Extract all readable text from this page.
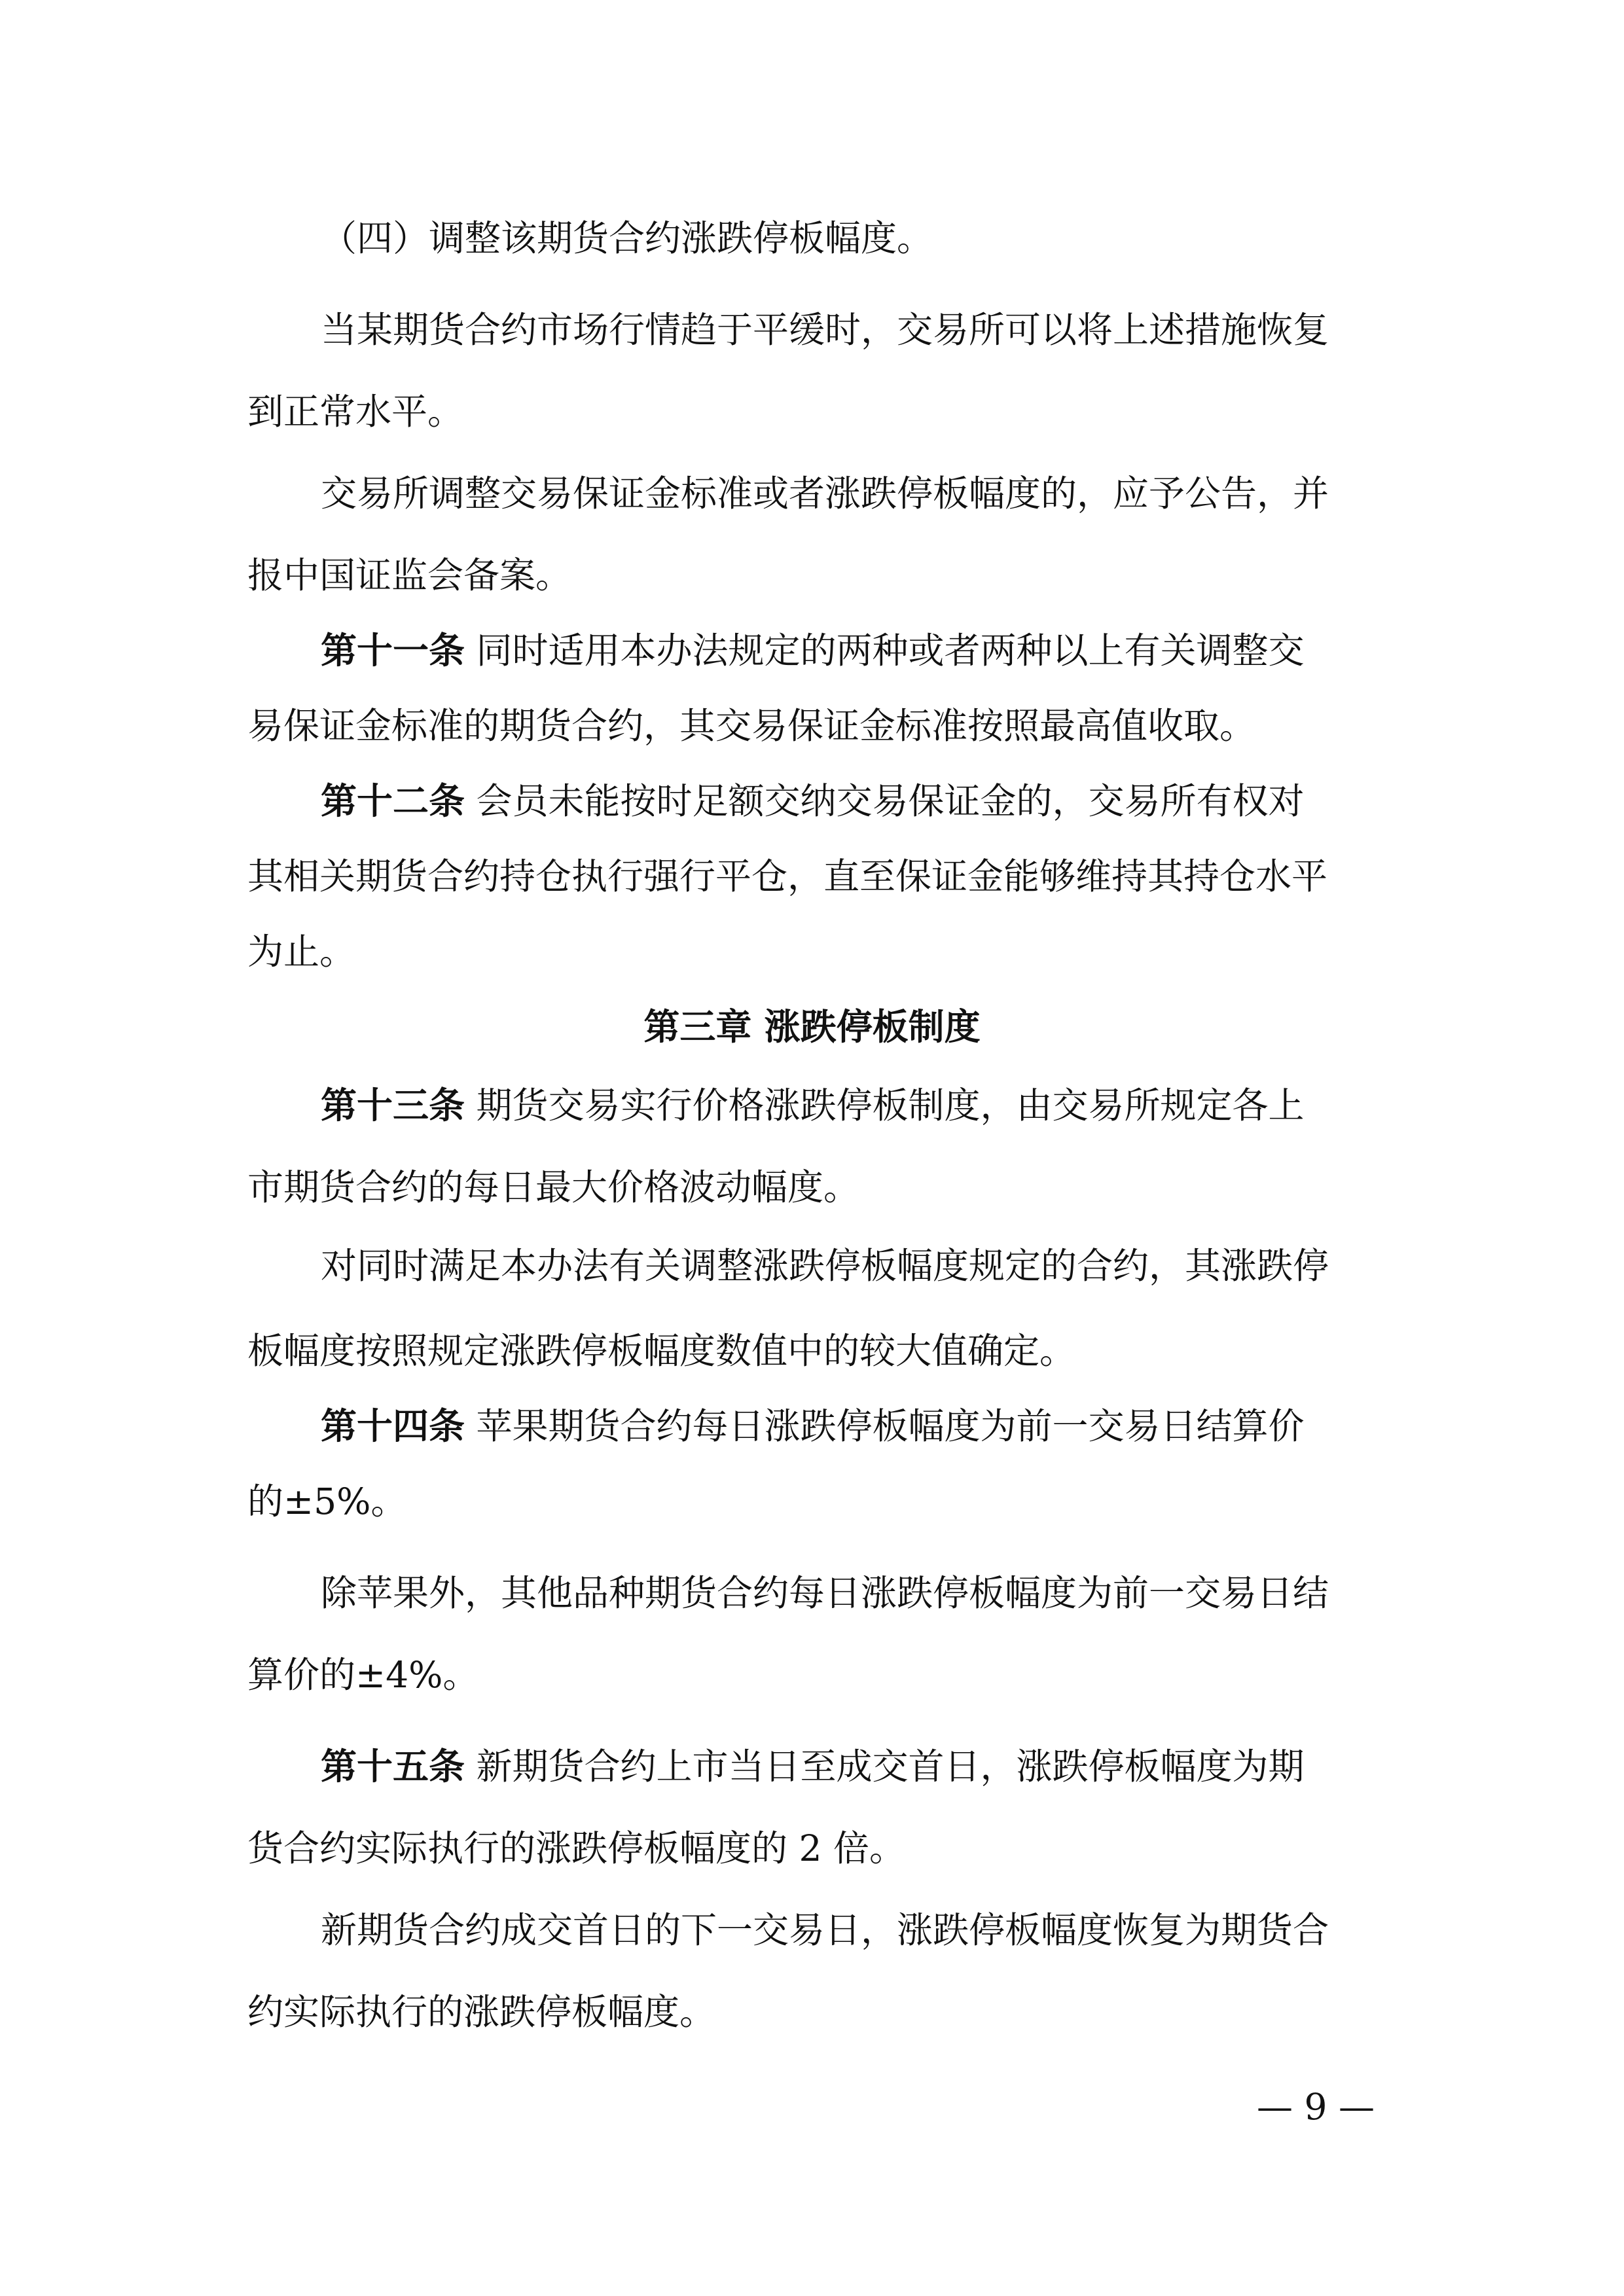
（四）调整该期货合约涨跌停板幅度。

当某期货合约市场行情趋于平缓时，交易所可以将上述措施恢复

到正常水平。

交易所调整交易保证金标准或者涨跌停板幅度的，应予公告，并

报中国证监会备案。

第十一条 同时适用本办法规定的两种或者两种以上有关调整交

易保证金标准的期货合约，其交易保证金标准按照最高值收取。

第十二条 会员未能按时足额交纳交易保证金的，交易所有权对

其相关期货合约持仓执行强行平仓，直至保证金能够维持其持仓水平

为止。

第三章 涨跌停板制度

第十三条 期货交易实行价格涨跌停板制度，由交易所规定各上

市期货合约的每日最大价格波动幅度。

对同时满足本办法有关调整涨跌停板幅度规定的合约，其涨跌停

板幅度按照规定涨跌停板幅度数值中的较大值确定。

第十四条 苹果期货合约每日涨跌停板幅度为前一交易日结算价

的±5%。

除苹果外，其他品种期货合约每日涨跌停板幅度为前一交易日结

算价的±4%。

第十五条 新期货合约上市当日至成交首日，涨跌停板幅度为期

货合约实际执行的涨跌停板幅度的 2 倍。

新期货合约成交首日的下一交易日，涨跌停板幅度恢复为期货合

约实际执行的涨跌停板幅度。

— 9 —
